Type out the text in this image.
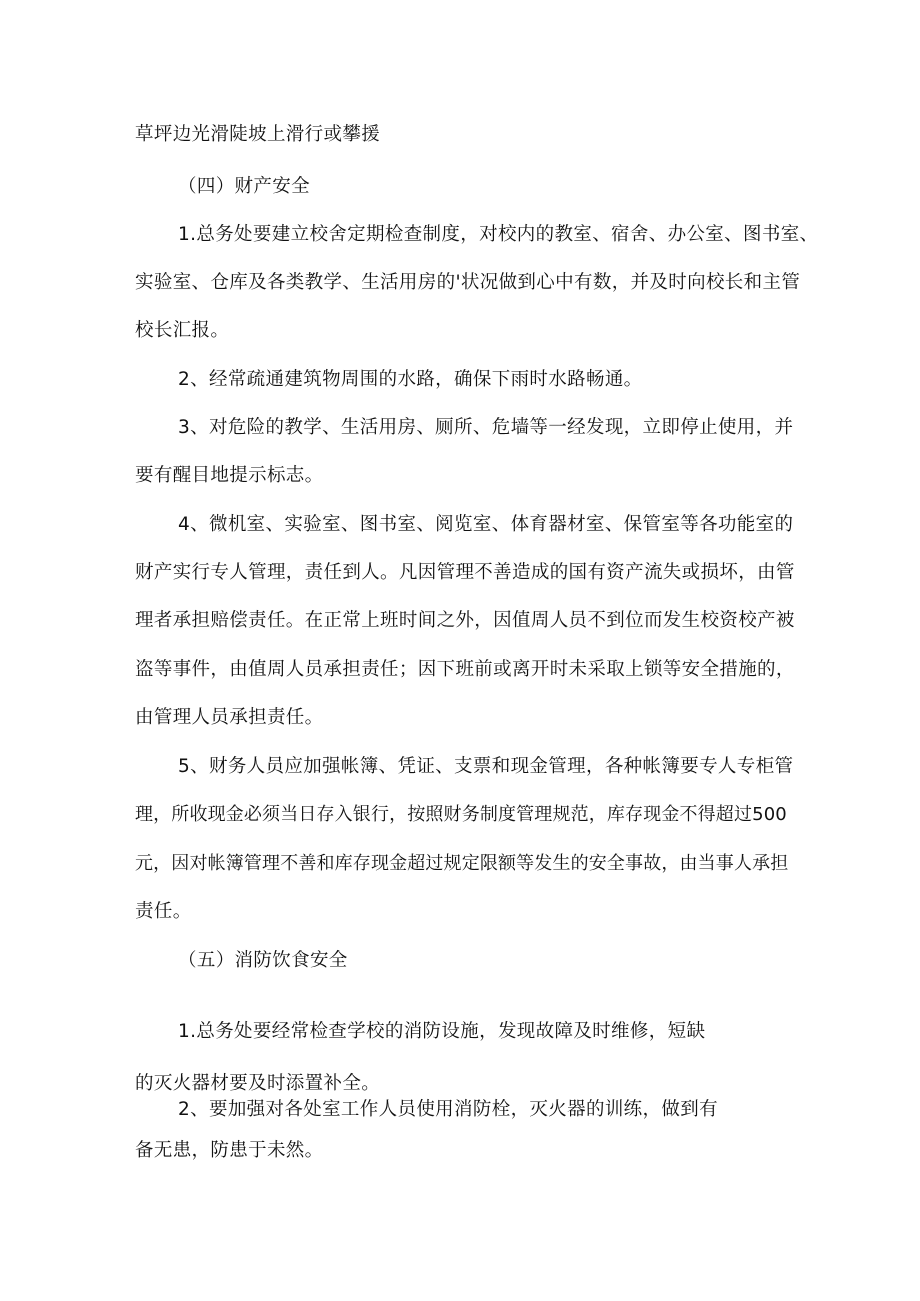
草坪边光滑陡坡上滑行或攀援
（四）财产安全
1.总务处要建立校舍定期检查制度，对校内的教室、宿舍、办公室、图书室、
实验室、仓库及各类教学、生活用房的'状况做到心中有数，并及时向校长和主管
校长汇报。
2、经常疏通建筑物周围的水路，确保下雨时水路畅通。
3、对危险的教学、生活用房、厕所、危墙等一经发现，立即停止使用，并
要有醒目地提示标志。
4、微机室、实验室、图书室、阅览室、体育器材室、保管室等各功能室的
财产实行专人管理，责任到人。凡因管理不善造成的国有资产流失或损坏，由管
理者承担赔偿责任。在正常上班时间之外，因值周人员不到位而发生校资校产被
盗等事件，由值周人员承担责任；因下班前或离开时未采取上锁等安全措施的，
由管理人员承担责任。
5、财务人员应加强帐簿、凭证、支票和现金管理，各种帐簿要专人专柜管
理，所收现金必须当日存入银行，按照财务制度管理规范，库存现金不得超过500
元，因对帐簿管理不善和库存现金超过规定限额等发生的安全事故，由当事人承担
责任。
（五）消防饮食安全
1.总务处要经常检查学校的消防设施，发现故障及时维修，短缺
的灭火器材要及时添置补全。
2、要加强对各处室工作人员使用消防栓，灭火器的训练，做到有
备无患，防患于未然。
